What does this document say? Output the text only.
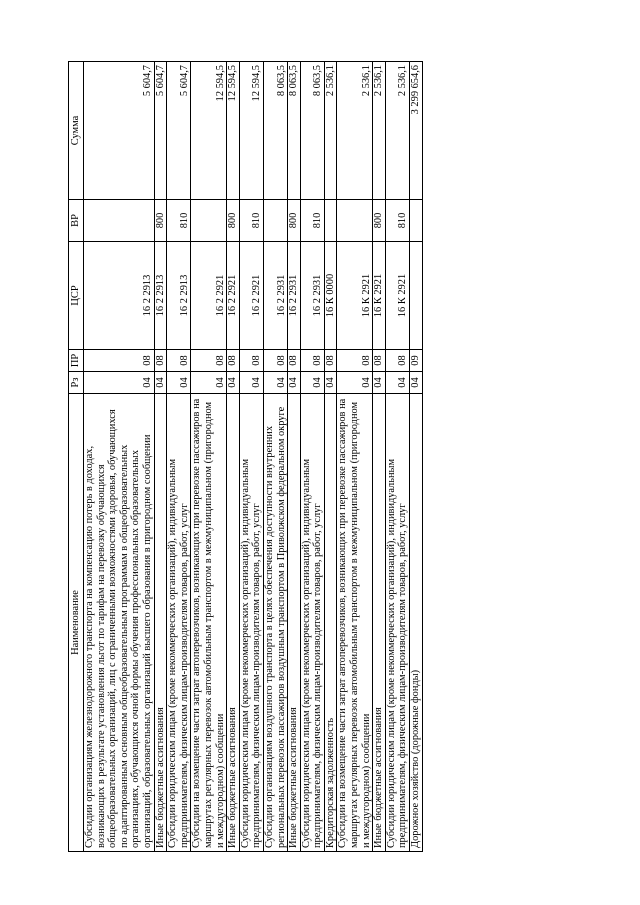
Наименование	Рз	ПР	ЦСР	ВР	Сумма
Субсидии организациям железнодорожного транспорта на компенсацию потерь в доходах, возникающих в результате установления льгот по тарифам на перевозку обучающихся общеобразовательных организаций, лиц с ограниченными возможностями здоровья, обучающихся по адаптированным основным общеобразовательным программам в общеобразовательных организациях, обучающихся очной формы обучения профессиональных образовательных организаций, образовательных организаций высшего образования в пригородном сообщении	04	08	16 2 2913		5 604,7
Иные бюджетные ассигнования	04	08	16 2 2913	800	5 604,7
Субсидии юридическим лицам (кроме некоммерческих организаций), индивидуальным предпринимателям, физическим лицам-производителям товаров, работ, услуг	04	08	16 2 2913	810	5 604,7
Субсидии на возмещение части затрат автоперевозчиков, возникающих при перевозке пассажиров на маршрутах регулярных перевозок автомобильным транспортом в межмуниципальном (пригородном и междугородном) сообщении	04	08	16 2 2921		12 594,5
Иные бюджетные ассигнования	04	08	16 2 2921	800	12 594,5
Субсидии юридическим лицам (кроме некоммерческих организаций), индивидуальным предпринимателям, физическим лицам-производителям товаров, работ, услуг	04	08	16 2 2921	810	12 594,5
Субсидии организациям воздушного транспорта в целях обеспечения доступности внутренних региональных перевозок пассажиров воздушным транспортом в Приволжском федеральном округе	04	08	16 2 2931		8 063,5
Иные бюджетные ассигнования	04	08	16 2 2931	800	8 063,5
Субсидии юридическим лицам (кроме некоммерческих организаций), индивидуальным предпринимателям, физическим лицам-производителям товаров, работ, услуг	04	08	16 2 2931	810	8 063,5
Кредиторская задолженность	04	08	16 К 0000		2 536,1
Субсидии на возмещение части затрат автоперевозчиков, возникающих при перевозке пассажиров на маршрутах регулярных перевозок автомобильным транспортом в межмуниципальном (пригородном и междугородном) сообщении	04	08	16 К 2921		2 536,1
Иные бюджетные ассигнования	04	08	16 К 2921	800	2 536,1
Субсидии юридическим лицам (кроме некоммерческих организаций), индивидуальным предпринимателям, физическим лицам-производителям товаров, работ, услуг	04	08	16 К 2921	810	2 536,1
Дорожное хозяйство (дорожные фонды)	04	09			3 299 654,6
